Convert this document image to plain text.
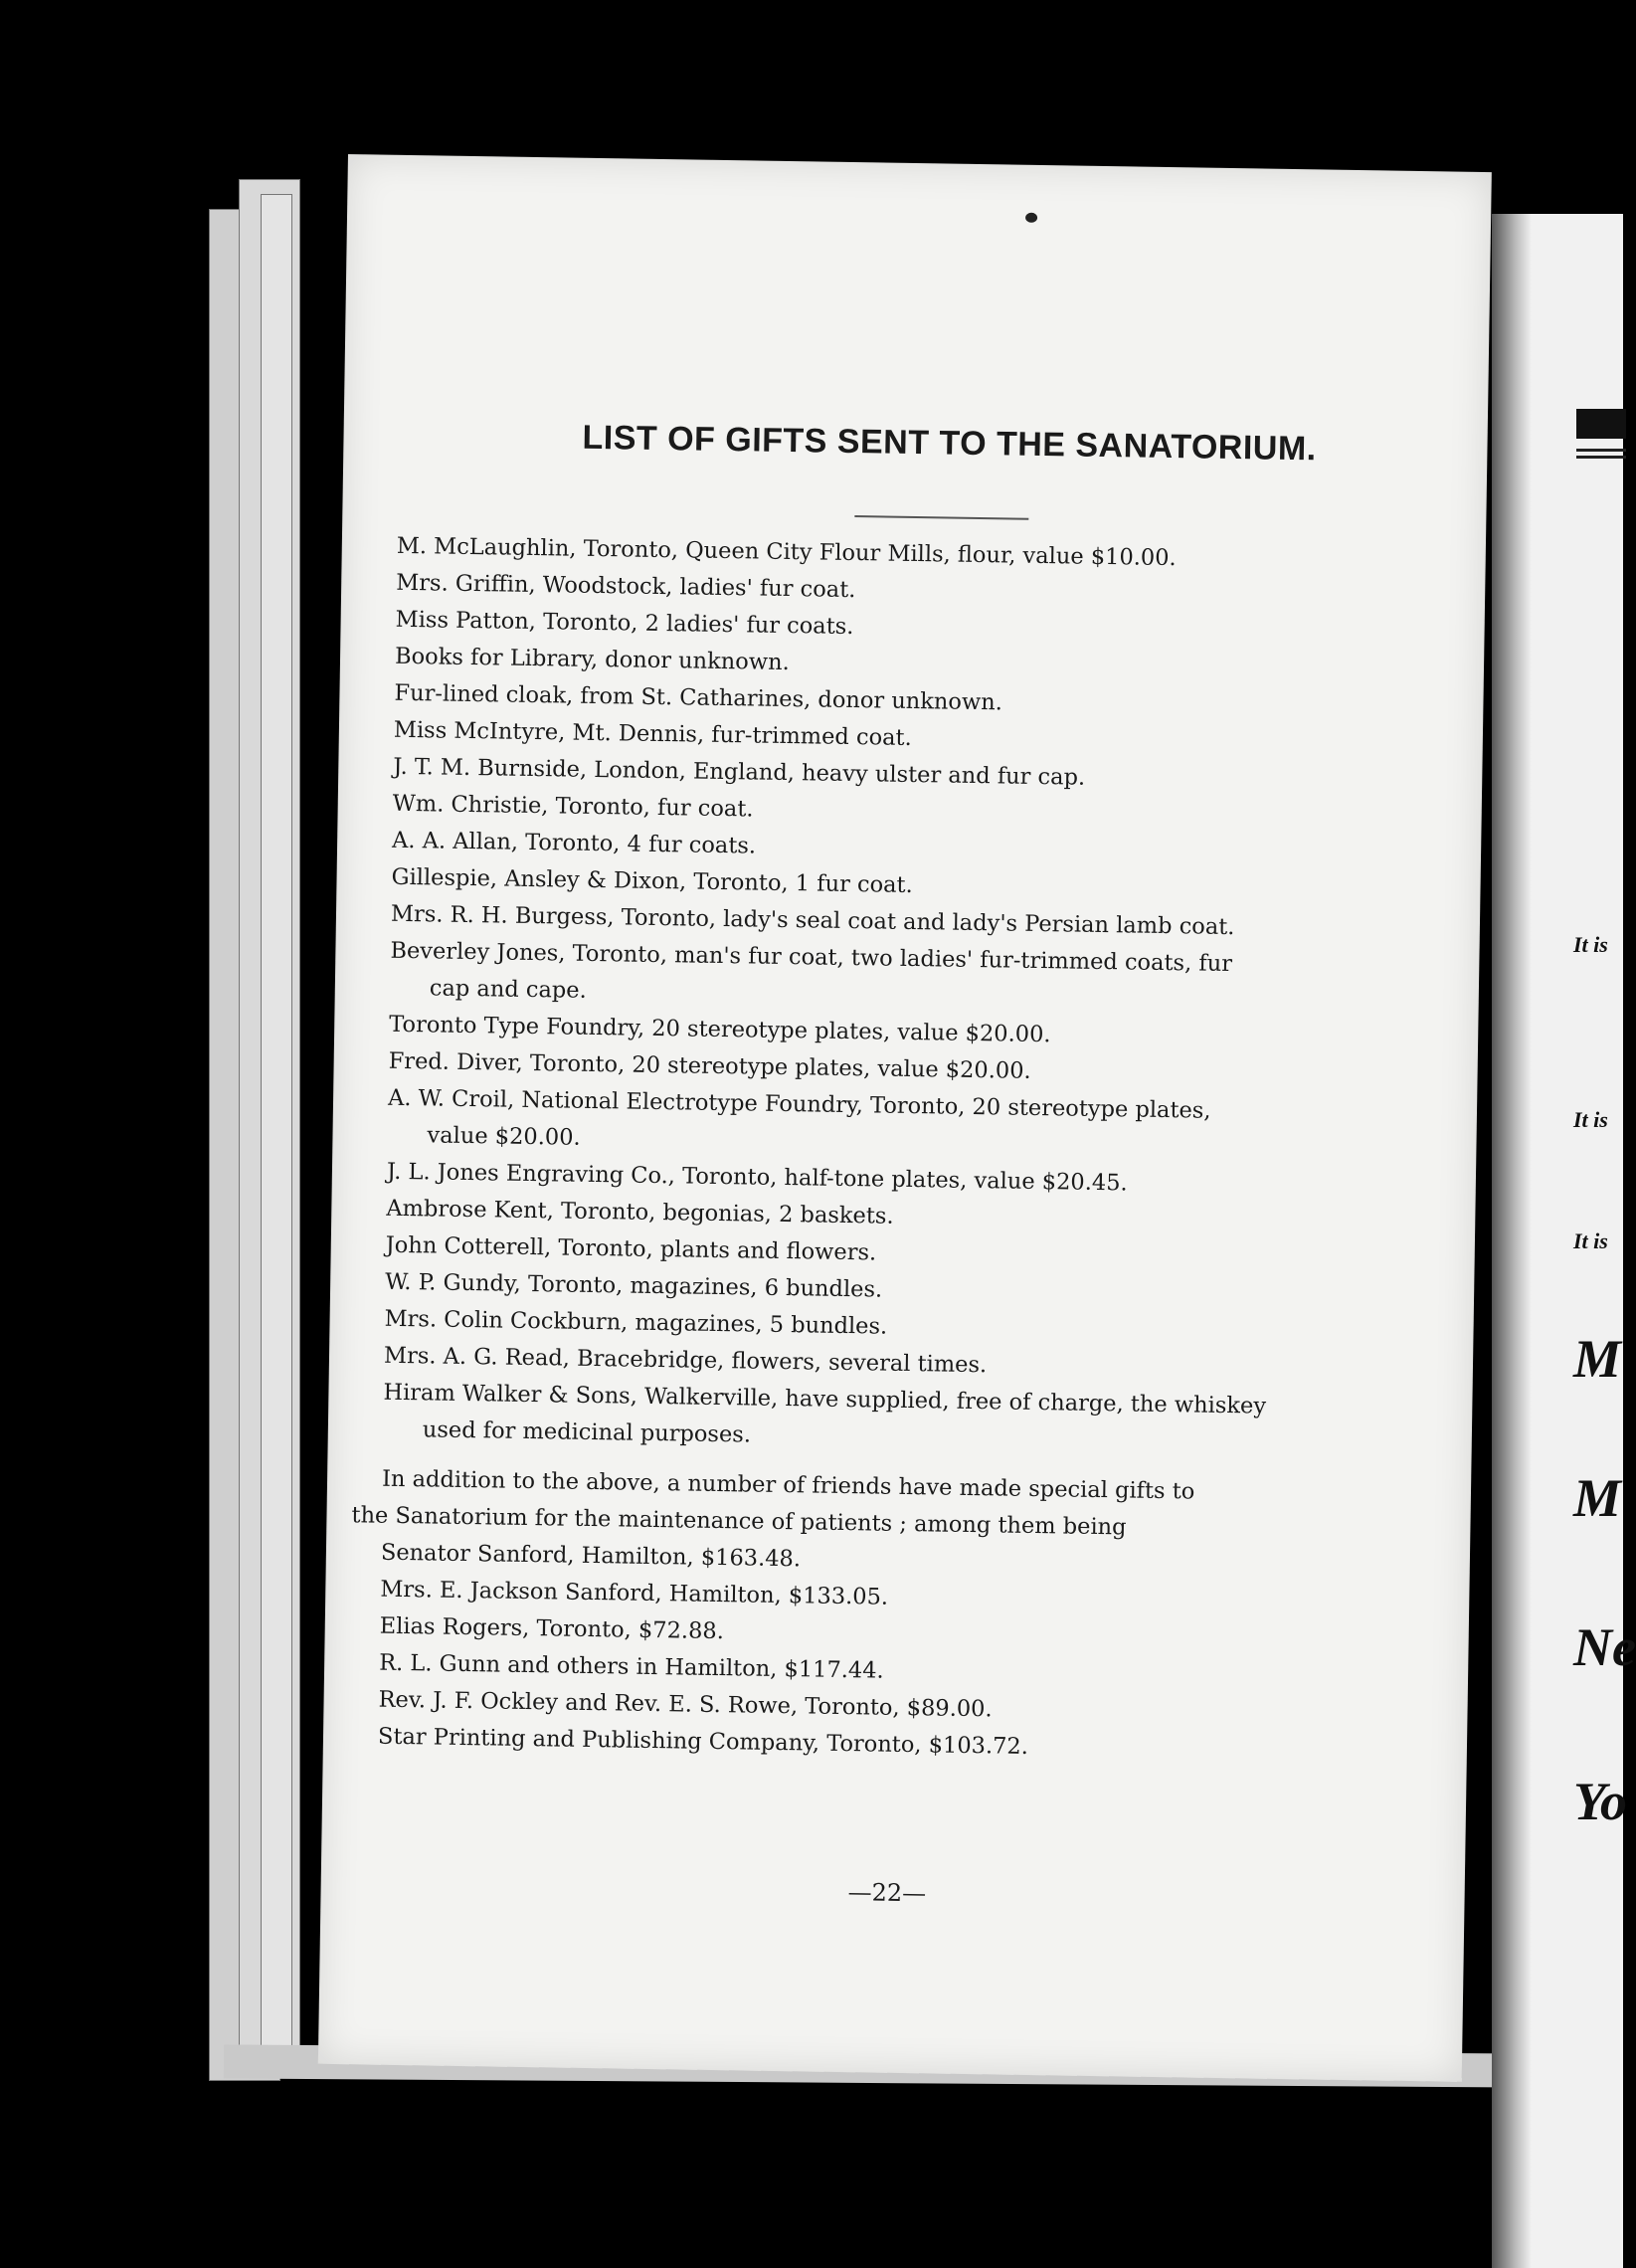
It is
It is
It is
M
M
Ne
Yo
LIST OF GIFTS SENT TO THE SANATORIUM.
M. McLaughlin, Toronto, Queen City Flour Mills, flour, value $10.00.
Mrs. Griffin, Woodstock, ladies' fur coat.
Miss Patton, Toronto, 2 ladies' fur coats.
Books for Library, donor unknown.
Fur-lined cloak, from St. Catharines, donor unknown.
Miss McIntyre, Mt. Dennis, fur-trimmed coat.
J. T. M. Burnside, London, England, heavy ulster and fur cap.
Wm. Christie, Toronto, fur coat.
A. A. Allan, Toronto, 4 fur coats.
Gillespie, Ansley & Dixon, Toronto, 1 fur coat.
Mrs. R. H. Burgess, Toronto, lady's seal coat and lady's Persian lamb coat.
Beverley Jones, Toronto, man's fur coat, two ladies' fur-trimmed coats, fur
cap and cape.
Toronto Type Foundry, 20 stereotype plates, value $20.00.
Fred. Diver, Toronto, 20 stereotype plates, value $20.00.
A. W. Croil, National Electrotype Foundry, Toronto, 20 stereotype plates,
value $20.00.
J. L. Jones Engraving Co., Toronto, half-tone plates, value $20.45.
Ambrose Kent, Toronto, begonias, 2 baskets.
John Cotterell, Toronto, plants and flowers.
W. P. Gundy, Toronto, magazines, 6 bundles.
Mrs. Colin Cockburn, magazines, 5 bundles.
Mrs. A. G. Read, Bracebridge, flowers, several times.
Hiram Walker & Sons, Walkerville, have supplied, free of charge, the whiskey
used for medicinal purposes.
In addition to the above, a number of friends have made special gifts to
the Sanatorium for the maintenance of patients ; among them being
Senator Sanford, Hamilton, $163.48.
Mrs. E. Jackson Sanford, Hamilton, $133.05.
Elias Rogers, Toronto, $72.88.
R. L. Gunn and others in Hamilton, $117.44.
Rev. J. F. Ockley and Rev. E. S. Rowe, Toronto, $89.00.
Star Printing and Publishing Company, Toronto, $103.72.
—22—
